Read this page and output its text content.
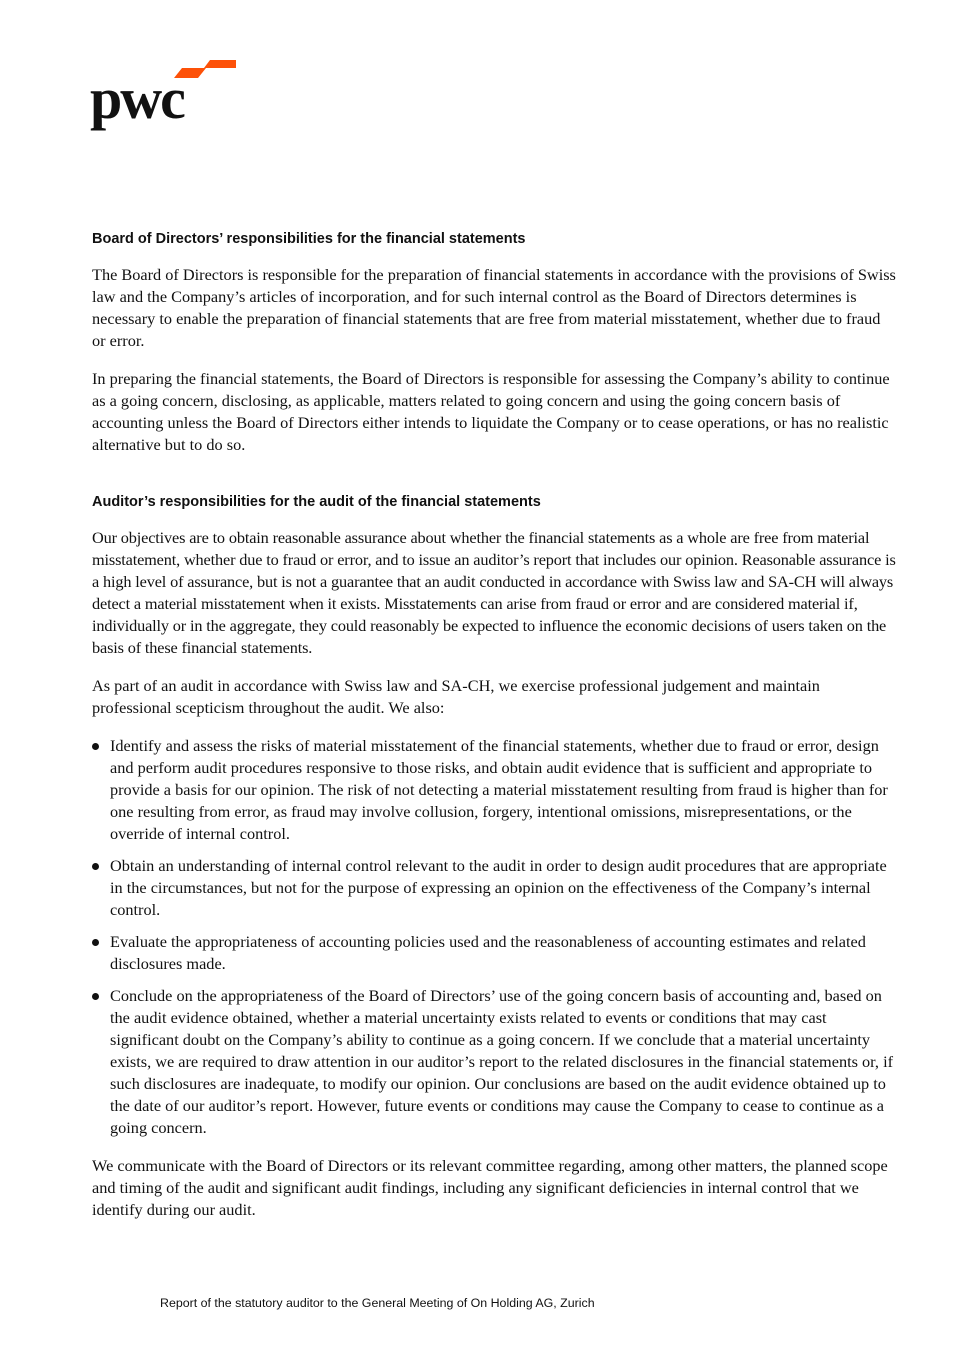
pwc
Board of Directors’ responsibilities for the financial statements

The Board of Directors is responsible for the preparation of financial statements in accordance with the provisions of Swiss law and the Company’s articles of incorporation, and for such internal control as the Board of Directors determines is necessary to enable the preparation of financial statements that are free from material misstatement, whether due to fraud or error.

In preparing the financial statements, the Board of Directors is responsible for assessing the Company’s ability to continue as a going concern, disclosing, as applicable, matters related to going concern and using the going concern basis of accounting unless the Board of Directors either intends to liquidate the Company or to cease operations, or has no realistic alternative but to do so.

Auditor’s responsibilities for the audit of the financial statements

Our objectives are to obtain reasonable assurance about whether the financial statements as a whole are free from material misstatement, whether due to fraud or error, and to issue an auditor’s report that includes our opinion. Reasonable assurance is a high level of assurance, but is not a guarantee that an audit conducted in accordance with Swiss law and SA-CH will always detect a material misstatement when it exists. Misstatements can arise from fraud or error and are considered material if, individually or in the aggregate, they could reasonably be expected to influence the economic decisions of users taken on the basis of these financial statements.

As part of an audit in accordance with Swiss law and SA-CH, we exercise professional judgement and maintain professional scepticism throughout the audit. We also:

Identify and assess the risks of material misstatement of the financial statements, whether due to fraud or error, design and perform audit procedures responsive to those risks, and obtain audit evidence that is sufficient and appropriate to provide a basis for our opinion. The risk of not detecting a material misstatement resulting from fraud is higher than for one resulting from error, as fraud may involve collusion, forgery, intentional omissions, misrepresentations, or the override of internal control.
Obtain an understanding of internal control relevant to the audit in order to design audit procedures that are appropriate in the circumstances, but not for the purpose of expressing an opinion on the effectiveness of the Company’s internal control.
Evaluate the appropriateness of accounting policies used and the reasonableness of accounting estimates and related disclosures made.
Conclude on the appropriateness of the Board of Directors’ use of the going concern basis of accounting and, based on the audit evidence obtained, whether a material uncertainty exists related to events or conditions that may cast significant doubt on the Company’s ability to continue as a going concern. If we conclude that a material uncertainty exists, we are required to draw attention in our auditor’s report to the related disclosures in the financial statements or, if such disclosures are inadequate, to modify our opinion. Our conclusions are based on the audit evidence obtained up to the date of our auditor’s report. However, future events or conditions may cause the Company to cease to continue as a going concern.

We communicate with the Board of Directors or its relevant committee regarding, among other matters, the planned scope and timing of the audit and significant audit findings, including any significant deficiencies in internal control that we identify during our audit.

Report of the statutory auditor to the General Meeting of On Holding AG, Zurich
